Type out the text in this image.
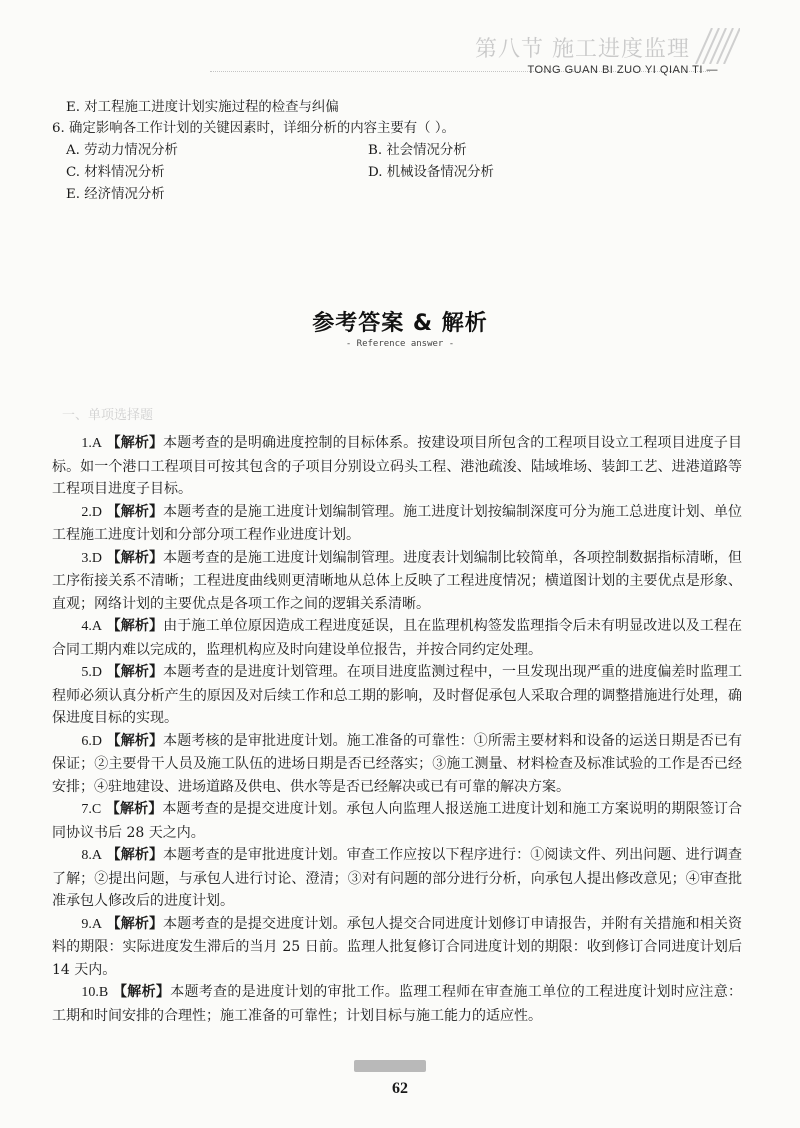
第八节 施工进度监理
TONG GUAN BI ZUO YI QIAN TI —
E. 对工程施工进度计划实施过程的检查与纠偏
6. 确定影响各工作计划的关键因素时，详细分析的内容主要有（ ）。
A. 劳动力情况分析	B. 社会情况分析
C. 材料情况分析	D. 机械设备情况分析
E. 经济情况分析
参考答案 & 解析
- Reference answer -
一、单项选择题

1.A 【解析】本题考查的是明确进度控制的目标体系。按建设项目所包含的工程项目设立工程项目进度子目标。如一个港口工程项目可按其包含的子项目分别设立码头工程、港池疏浚、陆域堆场、装卸工艺、进港道路等工程项目进度子目标。

2.D 【解析】本题考查的是施工进度计划编制管理。施工进度计划按编制深度可分为施工总进度计划、单位工程施工进度计划和分部分项工程作业进度计划。

3.D 【解析】本题考查的是施工进度计划编制管理。进度表计划编制比较简单，各项控制数据指标清晰，但工序衔接关系不清晰；工程进度曲线则更清晰地从总体上反映了工程进度情况；横道图计划的主要优点是形象、直观；网络计划的主要优点是各项工作之间的逻辑关系清晰。

4.A 【解析】由于施工单位原因造成工程进度延误，且在监理机构签发监理指令后未有明显改进以及工程在合同工期内难以完成的，监理机构应及时向建设单位报告，并按合同约定处理。

5.D 【解析】本题考查的是进度计划管理。在项目进度监测过程中，一旦发现出现严重的进度偏差时监理工程师必须认真分析产生的原因及对后续工作和总工期的影响，及时督促承包人采取合理的调整措施进行处理，确保进度目标的实现。

6.D 【解析】本题考核的是审批进度计划。施工准备的可靠性：①所需主要材料和设备的运送日期是否已有保证；②主要骨干人员及施工队伍的进场日期是否已经落实；③施工测量、材料检查及标准试验的工作是否已经安排；④驻地建设、进场道路及供电、供水等是否已经解决或已有可靠的解决方案。

7.C 【解析】本题考查的是提交进度计划。承包人向监理人报送施工进度计划和施工方案说明的期限签订合同协议书后 28 天之内。

8.A 【解析】本题考查的是审批进度计划。审查工作应按以下程序进行：①阅读文件、列出问题、进行调查了解；②提出问题，与承包人进行讨论、澄清；③对有问题的部分进行分析，向承包人提出修改意见；④审查批准承包人修改后的进度计划。

9.A 【解析】本题考查的是提交进度计划。承包人提交合同进度计划修订申请报告，并附有关措施和相关资料的期限：实际进度发生滞后的当月 25 日前。监理人批复修订合同进度计划的期限：收到修订合同进度计划后 14 天内。

10.B 【解析】本题考查的是进度计划的审批工作。监理工程师在审查施工单位的工程进度计划时应注意：工期和时间安排的合理性；施工准备的可靠性；计划目标与施工能力的适应性。

62
